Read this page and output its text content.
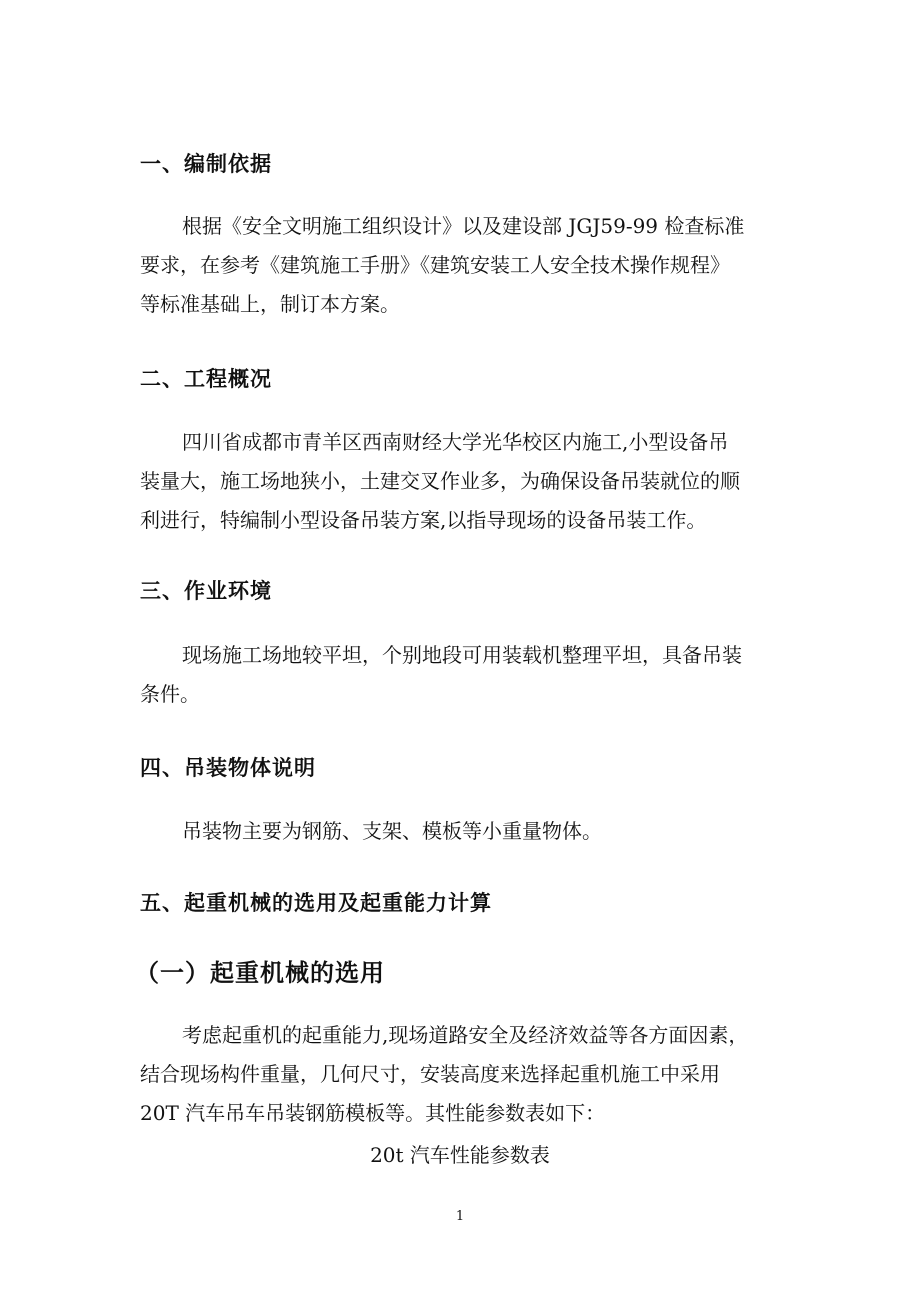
一、编制依据
根据《安全文明施工组织设计》以及建设部 JGJ59-99 检查标准
要求，在参考《建筑施工手册》《建筑安装工人安全技术操作规程》
等标准基础上，制订本方案。
二、工程概况
四川省成都市青羊区西南财经大学光华校区内施工,小型设备吊
装量大，施工场地狭小，土建交叉作业多，为确保设备吊装就位的顺
利进行，特编制小型设备吊装方案,以指导现场的设备吊装工作。
三、作业环境
现场施工场地较平坦，个别地段可用装载机整理平坦，具备吊装
条件。
四、吊装物体说明
吊装物主要为钢筋、支架、模板等小重量物体。
五、起重机械的选用及起重能力计算
（一）起重机械的选用
考虑起重机的起重能力,现场道路安全及经济效益等各方面因素，
结合现场构件重量，几何尺寸，安装高度来选择起重机施工中采用
20T 汽车吊车吊装钢筋模板等。其性能参数表如下：
20t 汽车性能参数表
1
